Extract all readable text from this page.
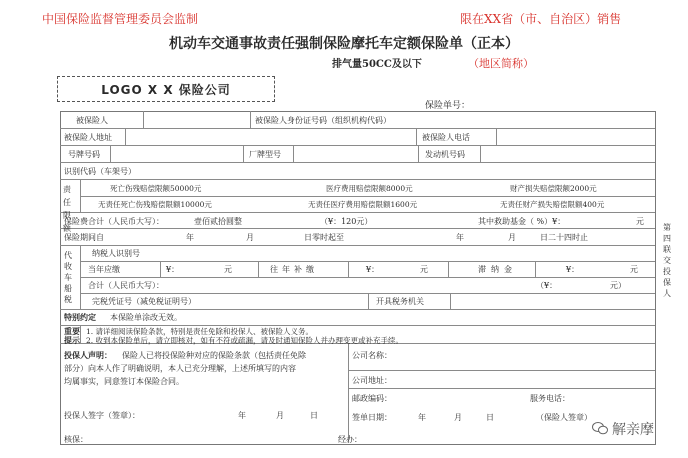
中国保险监督管理委员会监制	限在XX省（市、自治区）销售
机动车交通事故责任强制保险摩托车定额保险单（正本）
排气量50CC及以下	（地区简称）
LOGO X X 保险公司
保险单号：
被保险人	被保险人身份证号码（组织机构代码）
被保险人地址	被保险人电话
号牌号码	厂牌型号	发动机号码
识别代码（车架号）
责任限额
死亡伤残赔偿限额50000元	医疗费用赔偿限额8000元	财产损失赔偿限额2000元
无责任死亡伤残赔偿限额10000元	无责任医疗费用赔偿限额1600元	无责任财产损失赔偿限额400元
保险费合计（人民币大写）：	壹佰贰拾圆整	（¥：120元）	其中救助基金（ %）¥：	元
保险期间自	年	月	日零时起至	年	月	日二十四时止
代收车船税
纳税人识别号
当年应缴	¥：	元	往年补缴	¥：	元	滞纳金	¥：	元
合计（人民币大写）：	（¥：	元）
完税凭证号（减免税证明号）	开具税务机关
特别约定 本保险单涂改无效。
重要
提示
1. 请详细阅读保险条款，特别是责任免除和投保人、被保险人义务。
2. 收到本保险单后，请立即核对，如有不符或疏漏，请及时通知保险人并办理变更或补充手续。
投保人声明： 保险人已将投保险种对应的保险条款（包括责任免除
部分）向本人作了明确说明，本人已充分理解，上述所填写的内容
均属事实，同意签订本保险合同。
投保人签字（签章）：	年	月	日
公司名称：
公司地址：
邮政编码：	服务电话：
签单日期：	年	月	日	（保险人签章）
核保：	经办：
第四联 交投保人
解亲摩
